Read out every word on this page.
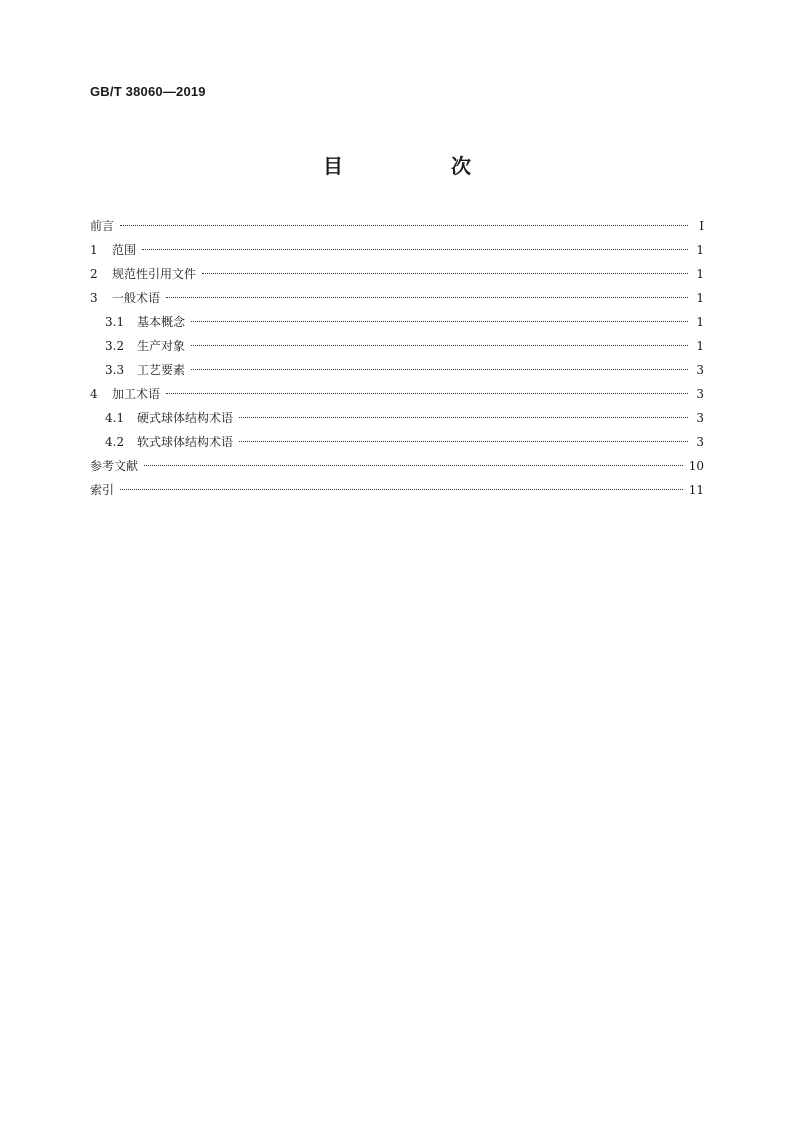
GB/T 38060—2019
目　次
前言	Ⅰ
1 范围	1
2 规范性引用文件	1
3 一般术语	1
3.1 基本概念	1
3.2 生产对象	1
3.3 工艺要素	3
4 加工术语	3
4.1 硬式球体结构术语	3
4.2 软式球体结构术语	3
参考文献	10
索引	11
